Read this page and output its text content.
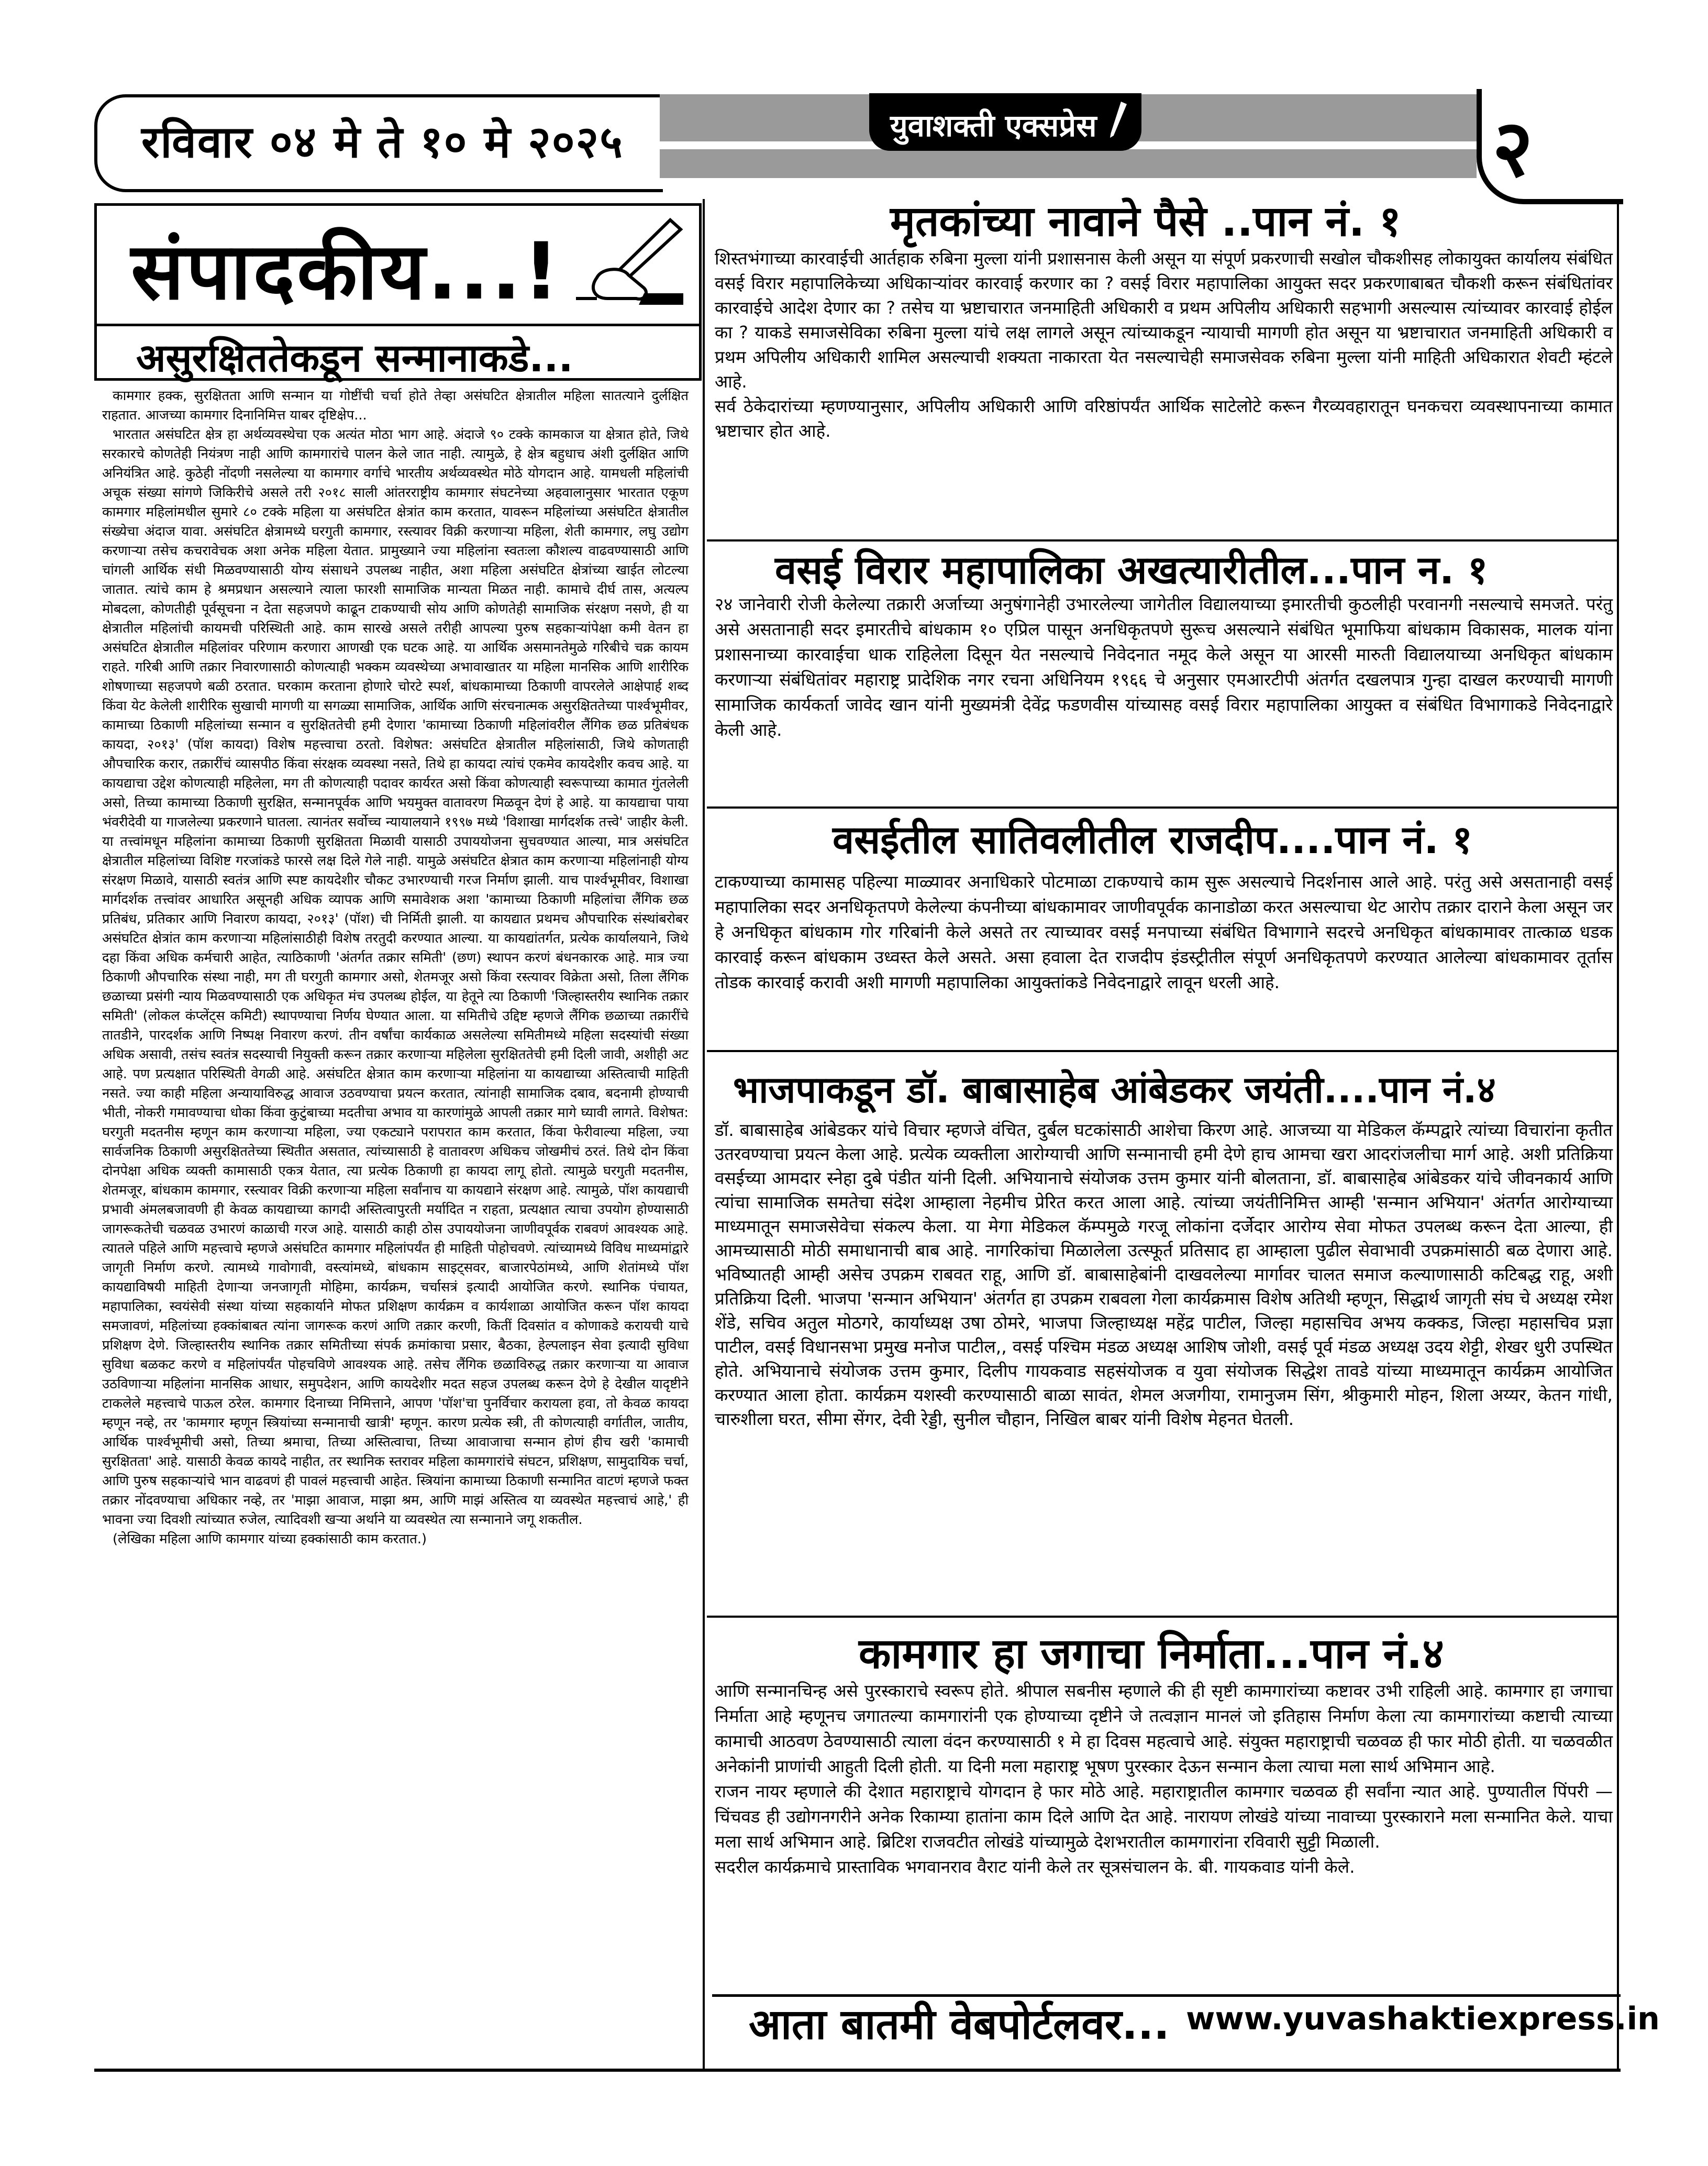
रविवार ०४ मे ते १० मे २०२५	युवाशक्ती एक्सप्रेस	२
संपादकीय...!
असुरक्षिततेकडून सन्मानाकडे...

कामगार हक्क, सुरक्षितता आणि सन्मान या गोष्टींची चर्चा होते तेव्हा असंघटित क्षेत्रातील महिला सातत्याने दुर्लक्षित राहतात. आजच्या कामगार दिनानिमित्त याबर दृष्टिक्षेप...

भारतात असंघटित क्षेत्र हा अर्थव्यवस्थेचा एक अत्यंत मोठा भाग आहे. अंदाजे ९० टक्के कामकाज या क्षेत्रात होते, जिथे सरकारचे कोणतेही नियंत्रण नाही आणि कामगारांचे पालन केले जात नाही. त्यामुळे, हे क्षेत्र बहुधाच अंशी दुर्लक्षित आणि अनियंत्रित आहे. कुठेही नोंदणी नसलेल्या या कामगार वर्गाचे भारतीय अर्थव्यवस्थेत मोठे योगदान आहे. यामधली महिलांची अचूक संख्या सांगणे जिकिरीचे असले तरी २०१८ साली आंतरराष्ट्रीय कामगार संघटनेच्या अहवालानुसार भारतात एकूण कामगार महिलांमधील सुमारे ८० टक्के महिला या असंघटित क्षेत्रांत काम करतात, यावरून महिलांच्या असंघटित क्षेत्रातील संख्येचा अंदाज यावा. असंघटित क्षेत्रामध्ये घरगुती कामगार, रस्त्यावर विक्री करणाऱ्या महिला, शेती कामगार, लघु उद्योग करणाऱ्या तसेच कचरावेचक अशा अनेक महिला येतात. प्रामुख्याने ज्या महिलांना स्वतःला कौशल्य वाढवण्यासाठी आणि चांगली आर्थिक संधी मिळवण्यासाठी योग्य संसाधने उपलब्ध नाहीत, अशा महिला असंघटित क्षेत्रांच्या खाईत लोटल्या जातात. त्यांचे काम हे श्रमप्रधान असल्याने त्याला फारशी सामाजिक मान्यता मिळत नाही. कामाचे दीर्घ तास, अत्यल्प मोबदला, कोणतीही पूर्वसूचना न देता सहजपणे काढून टाकण्याची सोय आणि कोणतेही सामाजिक संरक्षण नसणे, ही या क्षेत्रातील महिलांची कायमची परिस्थिती आहे. काम सारखे असले तरीही आपल्या पुरुष सहकाऱ्यांपेक्षा कमी वेतन हा असंघटित क्षेत्रातील महिलांवर परिणाम करणारा आणखी एक घटक आहे. या आर्थिक असमानतेमुळे गरिबीचे चक्र कायम राहते. गरिबी आणि तक्रार निवारणासाठी कोणत्याही भक्कम व्यवस्थेच्या अभावाखातर या महिला मानसिक आणि शारीरिक शोषणाच्या सहजपणे बळी ठरतात. घरकाम करताना होणारे चोरटे स्पर्श, बांधकामाच्या ठिकाणी वापरलेले आक्षेपार्ह शब्द किंवा येट केलेली शारीरिक सुखाची मागणी या सगळ्या सामाजिक, आर्थिक आणि संरचनात्मक असुरक्षिततेच्या पार्श्वभूमीवर, कामाच्या ठिकाणी महिलांच्या सन्मान व सुरक्षिततेची हमी देणारा 'कामाच्या ठिकाणी महिलांवरील लैंगिक छळ प्रतिबंधक कायदा, २०१३' (पॉश कायदा) विशेष महत्त्वाचा ठरतो. विशेषत: असंघटित क्षेत्रातील महिलांसाठी, जिथे कोणताही औपचारिक करार, तक्रारींचं व्यासपीठ किंवा संरक्षक व्यवस्था नसते, तिथे हा कायदा त्यांचं एकमेव कायदेशीर कवच आहे. या कायद्याचा उद्देश कोणत्याही महिलेला, मग ती कोणत्याही पदावर कार्यरत असो किंवा कोणत्याही स्वरूपाच्या कामात गुंतलेली असो, तिच्या कामाच्या ठिकाणी सुरक्षित, सन्मानपूर्वक आणि भयमुक्त वातावरण मिळवून देणं हे आहे. या कायद्याचा पाया भंवरीदेवी या गाजलेल्या प्रकरणाने घातला. त्यानंतर सर्वोच्च न्यायालयाने १९९७ मध्ये 'विशाखा मार्गदर्शक तत्त्वे' जाहीर केली. या तत्त्वांमधून महिलांना कामाच्या ठिकाणी सुरक्षितता मिळावी यासाठी उपाययोजना सुचवण्यात आल्या, मात्र असंघटित क्षेत्रातील महिलांच्या विशिष्ट गरजांकडे फारसे लक्ष दिले गेले नाही. यामुळे असंघटित क्षेत्रात काम करणाऱ्या महिलांनाही योग्य संरक्षण मिळावे, यासाठी स्वतंत्र आणि स्पष्ट कायदेशीर चौकट उभारण्याची गरज निर्माण झाली. याच पार्श्वभूमीवर, विशाखा मार्गदर्शक तत्त्वांवर आधारित असूनही अधिक व्यापक आणि समावेशक अशा 'कामाच्या ठिकाणी महिलांचा लैंगिक छळ प्रतिबंध, प्रतिकार आणि निवारण कायदा, २०१३' (पॉश) ची निर्मिती झाली. या कायद्यात प्रथमच औपचारिक संस्थांबरोबर असंघटित क्षेत्रांत काम करणाऱ्या महिलांसाठीही विशेष तरतुदी करण्यात आल्या. या कायद्यांतर्गत, प्रत्येक कार्यालयाने, जिथे दहा किंवा अधिक कर्मचारी आहेत, त्याठिकाणी 'अंतर्गत तक्रार समिती' (छण) स्थापन करणं बंधनकारक आहे. मात्र ज्या ठिकाणी औपचारिक संस्था नाही, मग ती घरगुती कामगार असो, शेतमजूर असो किंवा रस्त्यावर विक्रेता असो, तिला लैंगिक छळाच्या प्रसंगी न्याय मिळवण्यासाठी एक अधिकृत मंच उपलब्ध होईल, या हेतूने त्या ठिकाणी 'जिल्हास्तरीय स्थानिक तक्रार समिती' (लोकल कंप्लेंट्स कमिटी) स्थापण्याचा निर्णय घेण्यात आला. या समितीचे उद्दिष्ट म्हणजे लैंगिक छळाच्या तक्रारींचे तातडीने, पारदर्शक आणि निष्पक्ष निवारण करणं. तीन वर्षांचा कार्यकाळ असलेल्या समितीमध्ये महिला सदस्यांची संख्या अधिक असावी, तसंच स्वतंत्र सदस्याची नियुक्ती करून तक्रार करणाऱ्या महिलेला सुरक्षिततेची हमी दिली जावी, अशीही अट आहे. पण प्रत्यक्षात परिस्थिती वेगळी आहे. असंघटित क्षेत्रात काम करणाऱ्या महिलांना या कायद्याच्या अस्तित्वाची माहिती नसते. ज्या काही महिला अन्यायाविरुद्ध आवाज उठवण्याचा प्रयत्न करतात, त्यांनाही सामाजिक दबाव, बदनामी होण्याची भीती, नोकरी गमावण्याचा धोका किंवा कुटुंबाच्या मदतीचा अभाव या कारणांमुळे आपली तक्रार मागे घ्यावी लागते. विशेषत: घरगुती मदतनीस म्हणून काम करणाऱ्या महिला, ज्या एकट्याने परापरात काम करतात, किंवा फेरीवाल्या महिला, ज्या सार्वजनिक ठिकाणी असुरक्षिततेच्या स्थितीत असतात, त्यांच्यासाठी हे वातावरण अधिकच जोखमीचं ठरतं. तिथे दोन किंवा दोनपेक्षा अधिक व्यक्ती कामासाठी एकत्र येतात, त्या प्रत्येक ठिकाणी हा कायदा लागू होतो. त्यामुळे घरगुती मदतनीस, शेतमजूर, बांधकाम कामगार, रस्त्यावर विक्री करणाऱ्या महिला सर्वांनाच या कायद्याने संरक्षण आहे. त्यामुळे, पॉश कायद्याची प्रभावी अंमलबजावणी ही केवळ कायद्याच्या कागदी अस्तित्वापुरती मर्यादित न राहता, प्रत्यक्षात त्याचा उपयोग होण्यासाठी जागरूकतेची चळवळ उभारणं काळाची गरज आहे. यासाठी काही ठोस उपाययोजना जाणीवपूर्वक राबवणं आवश्यक आहे. त्यातले पहिले आणि महत्त्वाचे म्हणजे असंघटित कामगार महिलांपर्यंत ही माहिती पोहोचवणे. त्यांच्यामध्ये विविध माध्यमांद्वारे जागृती निर्माण करणे. त्यामध्ये गावोगावी, वस्त्यांमध्ये, बांधकाम साइट्सवर, बाजारपेठांमध्ये, आणि शेतांमध्ये पॉश कायद्याविषयी माहिती देणाऱ्या जनजागृती मोहिमा, कार्यक्रम, चर्चासत्रं इत्यादी आयोजित करणे. स्थानिक पंचायत, महापालिका, स्वयंसेवी संस्था यांच्या सहकार्याने मोफत प्रशिक्षण कार्यक्रम व कार्यशाळा आयोजित करून पॉश कायदा समजावणं, महिलांच्या हक्कांबाबत त्यांना जागरूक करणं आणि तक्रार करणी, कितीं दिवसांत व कोणाकडे करायची याचे प्रशिक्षण देणे. जिल्हास्तरीय स्थानिक तक्रार समितीच्या संपर्क क्रमांकाचा प्रसार, बैठका, हेल्पलाइन सेवा इत्यादी सुविधा सुविधा बळकट करणे व महिलांपर्यंत पोहचविणे आवश्यक आहे. तसेच लैंगिक छळाविरुद्ध तक्रार करणाऱ्या या आवाज उठविणाऱ्या महिलांना मानसिक आधार, समुपदेशन, आणि कायदेशीर मदत सहज उपलब्ध करून देणे हे देखील यादृष्टीने टाकलेले महत्त्वाचे पाऊल ठरेल. कामगार दिनाच्या निमित्ताने, आपण 'पॉश'चा पुनर्विचार करायला हवा, तो केवळ कायदा म्हणून नव्हे, तर 'कामगार म्हणून स्त्रियांच्या सन्मानाची खात्री' म्हणून. कारण प्रत्येक स्त्री, ती कोणत्याही वर्गातील, जातीय, आर्थिक पार्श्वभूमीची असो, तिच्या श्रमाचा, तिच्या अस्तित्वाचा, तिच्या आवाजाचा सन्मान होणं हीच खरी 'कामाची सुरक्षितता' आहे. यासाठी केवळ कायदे नाहीत, तर स्थानिक स्तरावर महिला कामगारांचे संघटन, प्रशिक्षण, सामुदायिक चर्चा, आणि पुरुष सहकाऱ्यांचे भान वाढवणं ही पावलं महत्त्वाची आहेत. स्त्रियांना कामाच्या ठिकाणी सन्मानित वाटणं म्हणजे फक्त तक्रार नोंदवण्याचा अधिकार नव्हे, तर 'माझा आवाज, माझा श्रम, आणि माझं अस्तित्व या व्यवस्थेत महत्त्वाचं आहे,' ही भावना ज्या दिवशी त्यांच्यात रुजेल, त्यादिवशी खऱ्या अर्थाने या व्यवस्थेत त्या सन्मानाने जगू शकतील.

(लेखिका महिला आणि कामगार यांच्या हक्कांसाठी काम करतात.)

मृतकांच्या नावाने पैसे ..पान नं. १

शिस्तभंगाच्या कारवाईची आर्तहाक रुबिना मुल्ला यांनी प्रशासनास केली असून या संपूर्ण प्रकरणाची सखोल चौकशीसह लोकायुक्त कार्यालय संबंधित वसई विरार महापालिकेच्या अधिकाऱ्यांवर कारवाई करणार का ? वसई विरार महापालिका आयुक्त सदर प्रकरणाबाबत चौकशी करून संबंधितांवर कारवाईचे आदेश देणार का ? तसेच या भ्रष्टाचारात जनमाहिती अधिकारी व प्रथम अपिलीय अधिकारी सहभागी असल्यास त्यांच्यावर कारवाई होईल का ? याकडे समाजसेविका रुबिना मुल्ला यांचे लक्ष लागले असून त्यांच्याकडून न्यायाची मागणी होत असून या भ्रष्टाचारात जनमाहिती अधिकारी व प्रथम अपिलीय अधिकारी शामिल असल्याची शक्यता नाकारता येत नसल्याचेही समाजसेवक रुबिना मुल्ला यांनी माहिती अधिकारात शेवटी म्हंटले आहे.

सर्व ठेकेदारांच्या म्हणण्यानुसार, अपिलीय अधिकारी आणि वरिष्ठांपर्यंत आर्थिक साटेलोटे करून गैरव्यवहारातून घनकचरा व्यवस्थापनाच्या कामात भ्रष्टाचार होत आहे.

वसई विरार महापालिका अखत्यारीतील...पान न. १

२४ जानेवारी रोजी केलेल्या तक्रारी अर्जाच्या अनुषंगानेही उभारलेल्या जागेतील विद्यालयाच्या इमारतीची कुठलीही परवानगी नसल्याचे समजते. परंतु असे असतानाही सदर इमारतीचे बांधकाम १० एप्रिल पासून अनधिकृतपणे सुरूच असल्याने संबंधित भूमाफिया बांधकाम विकासक, मालक यांना प्रशासनाच्या कारवाईचा धाक राहिलेला दिसून येत नसल्याचे निवेदनात नमूद केले असून या आरसी मारुती विद्यालयाच्या अनधिकृत बांधकाम करणाऱ्या संबंधितांवर महाराष्ट्र प्रादेशिक नगर रचना अधिनियम १९६६ चे अनुसार एमआरटीपी अंतर्गत दखलपात्र गुन्हा दाखल करण्याची मागणी सामाजिक कार्यकर्ता जावेद खान यांनी मुख्यमंत्री देवेंद्र फडणवीस यांच्यासह वसई विरार महापालिका आयुक्त व संबंधित विभागाकडे निवेदनाद्वारे केली आहे.

वसईतील सातिवलीतील राजदीप....पान नं. १

टाकण्याच्या कामासह पहिल्या माळ्यावर अनाधिकारे पोटमाळा टाकण्याचे काम सुरू असल्याचे निदर्शनास आले आहे. परंतु असे असतानाही वसई महापालिका सदर अनधिकृतपणे केलेल्या कंपनीच्या बांधकामावर जाणीवपूर्वक कानाडोळा करत असल्याचा थेट आरोप तक्रार दाराने केला असून जर हे अनधिकृत बांधकाम गोर गरिबांनी केले असते तर त्याच्यावर वसई मनपाच्या संबंधित विभागाने सदरचे अनधिकृत बांधकामावर तात्काळ धडक कारवाई करून बांधकाम उध्वस्त केले असते. असा हवाला देत राजदीप इंडस्ट्रीतील संपूर्ण अनधिकृतपणे करण्यात आलेल्या बांधकामावर तूर्तास तोडक कारवाई करावी अशी मागणी महापालिका आयुक्तांकडे निवेदनाद्वारे लावून धरली आहे.

भाजपाकडून डॉ. बाबासाहेब आंबेडकर जयंती....पान नं.४

डॉ. बाबासाहेब आंबेडकर यांचे विचार म्हणजे वंचित, दुर्बल घटकांसाठी आशेचा किरण आहे. आजच्या या मेडिकल कॅम्पद्वारे त्यांच्या विचारांना कृतीत उतरवण्याचा प्रयत्न केला आहे. प्रत्येक व्यक्तीला आरोग्याची आणि सन्मानाची हमी देणे हाच आमचा खरा आदरांजलीचा मार्ग आहे. अशी प्रतिक्रिया वसईच्या आमदार स्नेहा दुबे पंडीत यांनी दिली. अभियानाचे संयोजक उत्तम कुमार यांनी बोलताना, डॉ. बाबासाहेब आंबेडकर यांचे जीवनकार्य आणि त्यांचा सामाजिक समतेचा संदेश आम्हाला नेहमीच प्रेरित करत आला आहे. त्यांच्या जयंतीनिमित्त आम्ही 'सन्मान अभियान' अंतर्गत आरोग्याच्या माध्यमातून समाजसेवेचा संकल्प केला. या मेगा मेडिकल कॅम्पमुळे गरजू लोकांना दर्जेदार आरोग्य सेवा मोफत उपलब्ध करून देता आल्या, ही आमच्यासाठी मोठी समाधानाची बाब आहे. नागरिकांचा मिळालेला उत्स्फूर्त प्रतिसाद हा आम्हाला पुढील सेवाभावी उपक्रमांसाठी बळ देणारा आहे. भविष्यातही आम्ही असेच उपक्रम राबवत राहू, आणि डॉ. बाबासाहेबांनी दाखवलेल्या मार्गावर चालत समाज कल्याणासाठी कटिबद्ध राहू, अशी प्रतिक्रिया दिली. भाजपा 'सन्मान अभियान' अंतर्गत हा उपक्रम राबवला गेला कार्यक्रमास विशेष अतिथी म्हणून, सिद्धार्थ जागृती संघ चे अध्यक्ष रमेश शेंडे, सचिव अतुल मोठगरे, कार्याध्यक्ष उषा ठोमरे, भाजपा जिल्हाध्यक्ष महेंद्र पाटील, जिल्हा महासचिव अभय कक्कड, जिल्हा महासचिव प्रज्ञा पाटील, वसई विधानसभा प्रमुख मनोज पाटील,, वसई पश्चिम मंडळ अध्यक्ष आशिष जोशी, वसई पूर्व मंडळ अध्यक्ष उदय शेट्टी, शेखर धुरी उपस्थित होते. अभियानाचे संयोजक उत्तम कुमार, दिलीप गायकवाड सहसंयोजक व युवा संयोजक सिद्धेश तावडे यांच्या माध्यमातून कार्यक्रम आयोजित करण्यात आला होता. कार्यक्रम यशस्वी करण्यासाठी बाळा सावंत, शेमल अजगीया, रामानुजम सिंग, श्रीकुमारी मोहन, शिला अय्यर, केतन गांधी, चारुशीला घरत, सीमा सेंगर, देवी रेड्डी, सुनील चौहान, निखिल बाबर यांनी विशेष मेहनत घेतली.

कामगार हा जगाचा निर्माता...पान नं.४

आणि सन्मानचिन्ह असे पुरस्काराचे स्वरूप होते. श्रीपाल सबनीस म्हणाले की ही सृष्टी कामगारांच्या कष्टावर उभी राहिली आहे. कामगार हा जगाचा निर्माता आहे म्हणूनच जगातल्या कामगारांनी एक होण्याच्या दृष्टीने जे तत्वज्ञान मानलं जो इतिहास निर्माण केला त्या कामगारांच्या कष्टाची त्याच्या कामाची आठवण ठेवण्यासाठी त्याला वंदन करण्यासाठी १ मे हा दिवस महत्वाचे आहे. संयुक्त महाराष्ट्राची चळवळ ही फार मोठी होती. या चळवळीत अनेकांनी प्राणांची आहुती दिली होती. या दिनी मला महाराष्ट्र भूषण पुरस्कार देऊन सन्मान केला त्याचा मला सार्थ अभिमान आहे.

राजन नायर म्हणाले की देशात महाराष्ट्राचे योगदान हे फार मोठे आहे. महाराष्ट्रातील कामगार चळवळ ही सर्वांना न्यात आहे. पुण्यातील पिंपरी — चिंचवड ही उद्योगनगरीने अनेक रिकाम्या हातांना काम दिले आणि देत आहे. नारायण लोखंडे यांच्या नावाच्या पुरस्काराने मला सन्मानित केले. याचा मला सार्थ अभिमान आहे. ब्रिटिश राजवटीत लोखंडे यांच्यामुळे देशभरातील कामगारांना रविवारी सुट्टी मिळाली.

सदरील कार्यक्रमाचे प्रास्ताविक भगवानराव वैराट यांनी केले तर सूत्रसंचालन के. बी. गायकवाड यांनी केले.

आता बातमी वेबपोर्टलवर... www.yuvashaktiexpress.in
